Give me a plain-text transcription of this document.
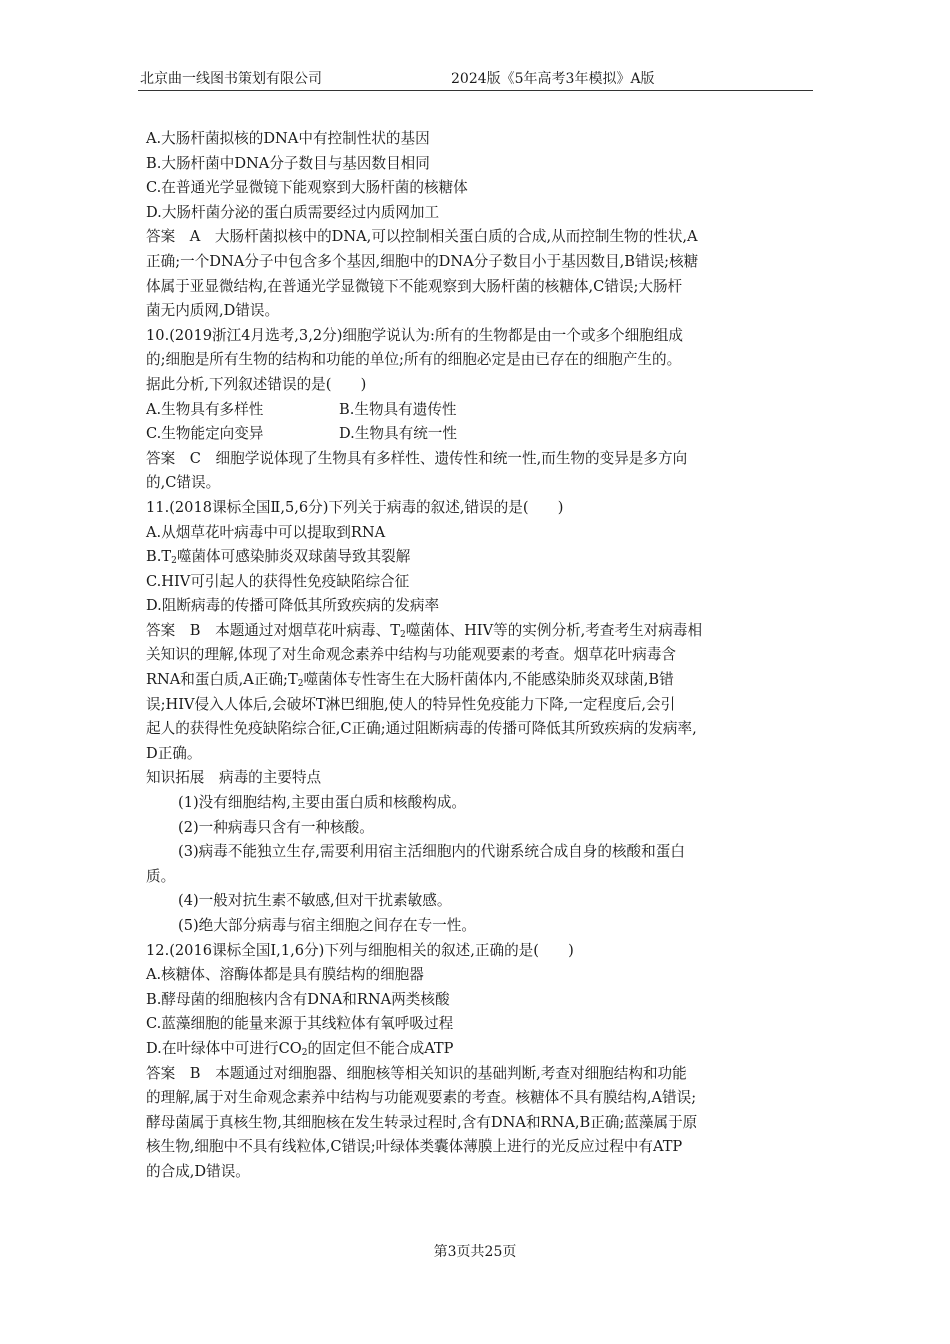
北京曲一线图书策划有限公司	2024版《5年高考3年模拟》A版
A.大肠杆菌拟核的DNA中有控制性状的基因
B.大肠杆菌中DNA分子数目与基因数目相同
C.在普通光学显微镜下能观察到大肠杆菌的核糖体
D.大肠杆菌分泌的蛋白质需要经过内质网加工
答案　A　大肠杆菌拟核中的DNA,可以控制相关蛋白质的合成,从而控制生物的性状,A
正确;一个DNA分子中包含多个基因,细胞中的DNA分子数目小于基因数目,B错误;核糖
体属于亚显微结构,在普通光学显微镜下不能观察到大肠杆菌的核糖体,C错误;大肠杆
菌无内质网,D错误。
10.(2019浙江4月选考,3,2分)细胞学说认为:所有的生物都是由一个或多个细胞组成
的;细胞是所有生物的结构和功能的单位;所有的细胞必定是由已存在的细胞产生的。
据此分析,下列叙述错误的是(　　)
A.生物具有多样性	B.生物具有遗传性
C.生物能定向变异	D.生物具有统一性
答案　C　细胞学说体现了生物具有多样性、遗传性和统一性,而生物的变异是多方向
的,C错误。
11.(2018课标全国Ⅱ,5,6分)下列关于病毒的叙述,错误的是(　　)
A.从烟草花叶病毒中可以提取到RNA
$B.T_2$噬菌体可感染肺炎双球菌导致其裂解
C.HIV可引起人的获得性免疫缺陷综合征
D.阻断病毒的传播可降低其所致疾病的发病率
答案　B　本题通过对烟草花叶病毒、$T_2$噬菌体、HIV等的实例分析,考查考生对病毒相
关知识的理解,体现了对生命观念素养中结构与功能观要素的考查。烟草花叶病毒含
RNA和蛋白质,A正确$;T_2$噬菌体专性寄生在大肠杆菌体内,不能感染肺炎双球菌,B错
误;HIV侵入人体后,会破坏T淋巴细胞,使人的特异性免疫能力下降,一定程度后,会引
起人的获得性免疫缺陷综合征,C正确;通过阻断病毒的传播可降低其所致疾病的发病率,
D正确。
知识拓展　病毒的主要特点
(1)没有细胞结构,主要由蛋白质和核酸构成。
(2)一种病毒只含有一种核酸。
(3)病毒不能独立生存,需要利用宿主活细胞内的代谢系统合成自身的核酸和蛋白
质。
(4)一般对抗生素不敏感,但对干扰素敏感。
(5)绝大部分病毒与宿主细胞之间存在专一性。
12.(2016课标全国Ⅰ,1,6分)下列与细胞相关的叙述,正确的是(　　)
A.核糖体、溶酶体都是具有膜结构的细胞器
B.酵母菌的细胞核内含有DNA和RNA两类核酸
C.蓝藻细胞的能量来源于其线粒体有氧呼吸过程
D.在叶绿体中可进行$CO_2$的固定但不能合成ATP
答案　B　本题通过对细胞器、细胞核等相关知识的基础判断,考查对细胞结构和功能
的理解,属于对生命观念素养中结构与功能观要素的考查。核糖体不具有膜结构,A错误;
酵母菌属于真核生物,其细胞核在发生转录过程时,含有DNA和RNA,B正确;蓝藻属于原
核生物,细胞中不具有线粒体,C错误;叶绿体类囊体薄膜上进行的光反应过程中有ATP
的合成,D错误。
第3页共25页
